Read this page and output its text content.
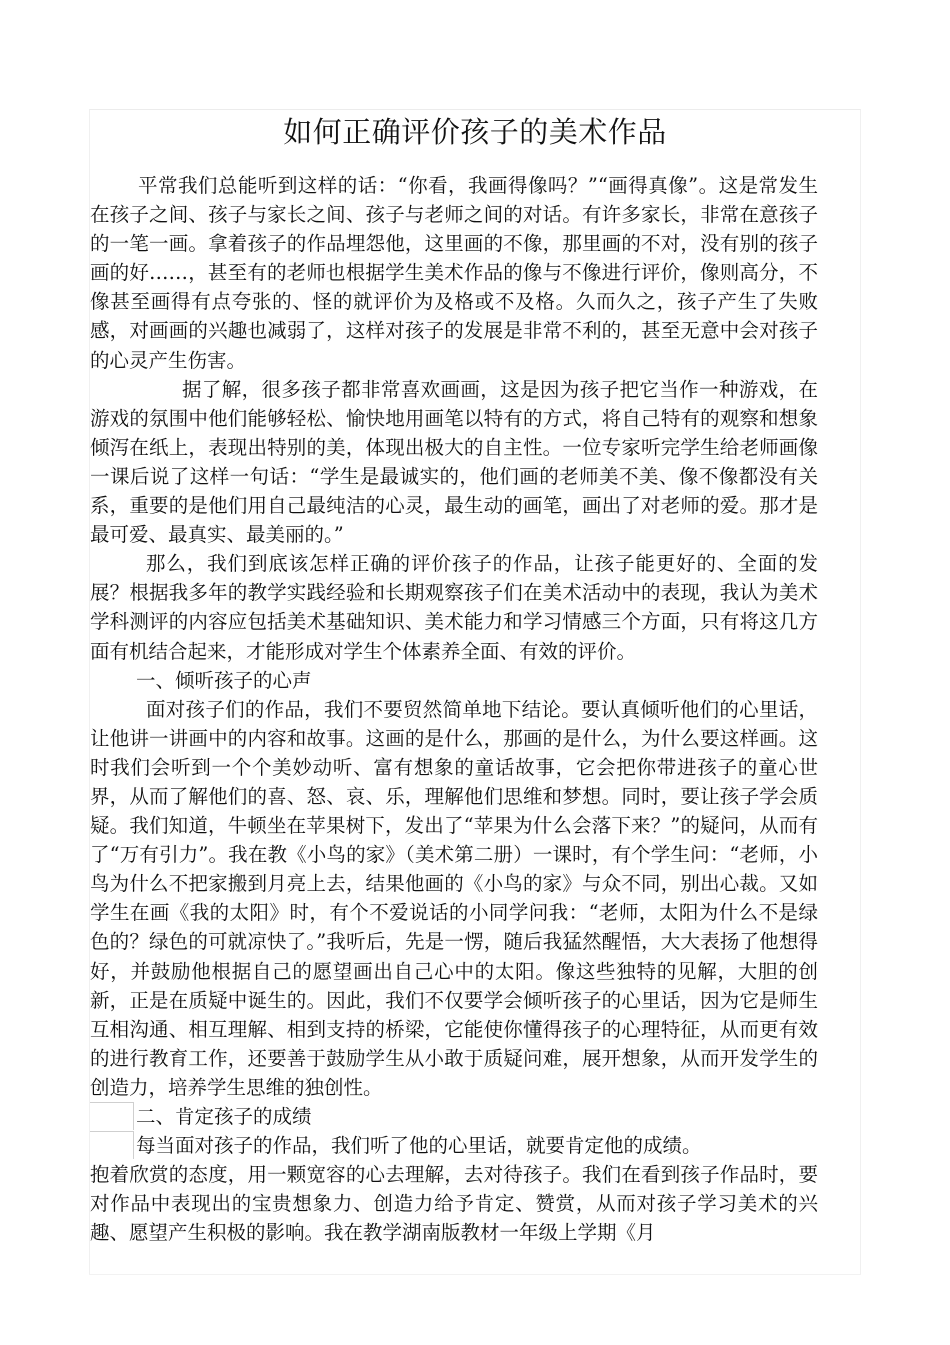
如何正确评价孩子的美术作品

平常我们总能听到这样的话：“你看，我画得像吗？”“画得真像”。这是常发生在孩子之间、孩子与家长之间、孩子与老师之间的对话。有许多家长，非常在意孩子的一笔一画。拿着孩子的作品埋怨他，这里画的不像，那里画的不对，没有别的孩子画的好……，甚至有的老师也根据学生美术作品的像与不像进行评价，像则高分，不像甚至画得有点夸张的、怪的就评价为及格或不及格。久而久之，孩子产生了失败感，对画画的兴趣也减弱了，这样对孩子的发展是非常不利的，甚至无意中会对孩子的心灵产生伤害。

据了解，很多孩子都非常喜欢画画，这是因为孩子把它当作一种游戏，在游戏的氛围中他们能够轻松、愉快地用画笔以特有的方式，将自己特有的观察和想象倾泻在纸上，表现出特别的美，体现出极大的自主性。一位专家听完学生给老师画像一课后说了这样一句话：“学生是最诚实的，他们画的老师美不美、像不像都没有关系，重要的是他们用自己最纯洁的心灵，最生动的画笔，画出了对老师的爱。那才是最可爱、最真实、最美丽的。”

那么，我们到底该怎样正确的评价孩子的作品，让孩子能更好的、全面的发展？根据我多年的教学实践经验和长期观察孩子们在美术活动中的表现，我认为美术学科测评的内容应包括美术基础知识、美术能力和学习情感三个方面，只有将这几方面有机结合起来，才能形成对学生个体素养全面、有效的评价。

一、倾听孩子的心声

面对孩子们的作品，我们不要贸然简单地下结论。要认真倾听他们的心里话，让他讲一讲画中的内容和故事。这画的是什么，那画的是什么，为什么要这样画。这时我们会听到一个个美妙动听、富有想象的童话故事，它会把你带进孩子的童心世界，从而了解他们的喜、怒、哀、乐，理解他们思维和梦想。同时，要让孩子学会质疑。我们知道，牛顿坐在苹果树下，发出了“苹果为什么会落下来？”的疑问，从而有了“万有引力”。我在教《小鸟的家》（美术第二册）一课时，有个学生问：“老师，小鸟为什么不把家搬到月亮上去，结果他画的《小鸟的家》与众不同，别出心裁。又如学生在画《我的太阳》时，有个不爱说话的小同学问我：“老师，太阳为什么不是绿色的？绿色的可就凉快了。”我听后，先是一愣，随后我猛然醒悟，大大表扬了他想得好，并鼓励他根据自己的愿望画出自己心中的太阳。像这些独特的见解，大胆的创新，正是在质疑中诞生的。因此，我们不仅要学会倾听孩子的心里话，因为它是师生互相沟通、相互理解、相到支持的桥梁，它能使你懂得孩子的心理特征，从而更有效的进行教育工作，还要善于鼓励学生从小敢于质疑问难，展开想象，从而开发学生的创造力，培养学生思维的独创性。

二、肯定孩子的成绩

每当面对孩子的作品，我们听了他的心里话，就要肯定他的成绩。

抱着欣赏的态度，用一颗宽容的心去理解，去对待孩子。我们在看到孩子作品时，要对作品中表现出的宝贵想象力、创造力给予肯定、赞赏，从而对孩子学习美术的兴趣、愿望产生积极的影响。我在教学湖南版教材一年级上学期《月
